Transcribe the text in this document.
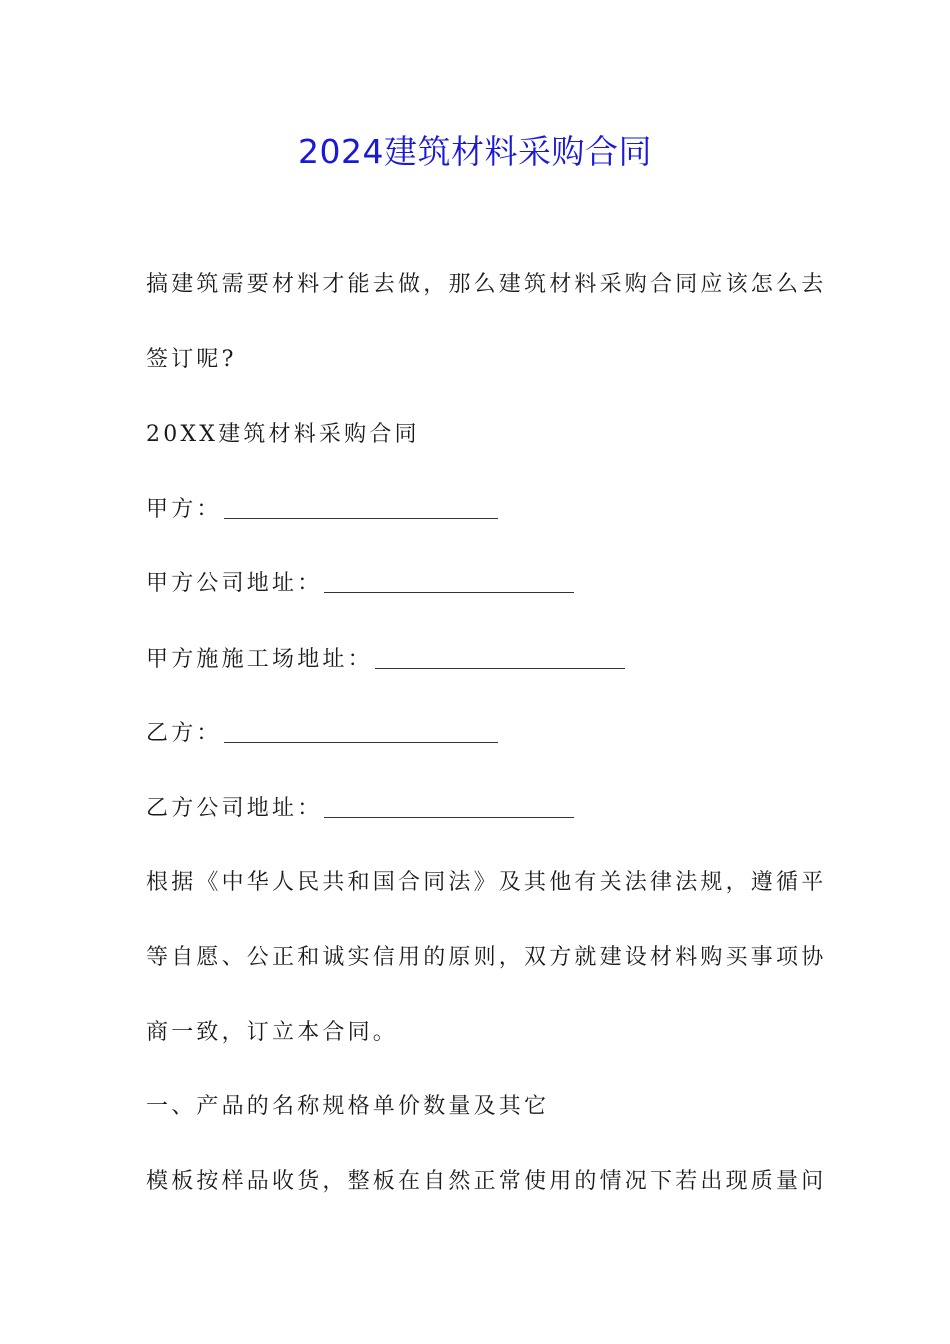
2024建筑材料采购合同
搞建筑需要材料才能去做，那么建筑材料采购合同应该怎么去
签订呢?
20XX建筑材料采购合同
甲方：
甲方公司地址：
甲方施施工场地址：
乙方：
乙方公司地址：
根据《中华人民共和国合同法》及其他有关法律法规，遵循平
等自愿、公正和诚实信用的原则，双方就建设材料购买事项协
商一致，订立本合同。
一、产品的名称规格单价数量及其它
模板按样品收货，整板在自然正常使用的情况下若出现质量问
